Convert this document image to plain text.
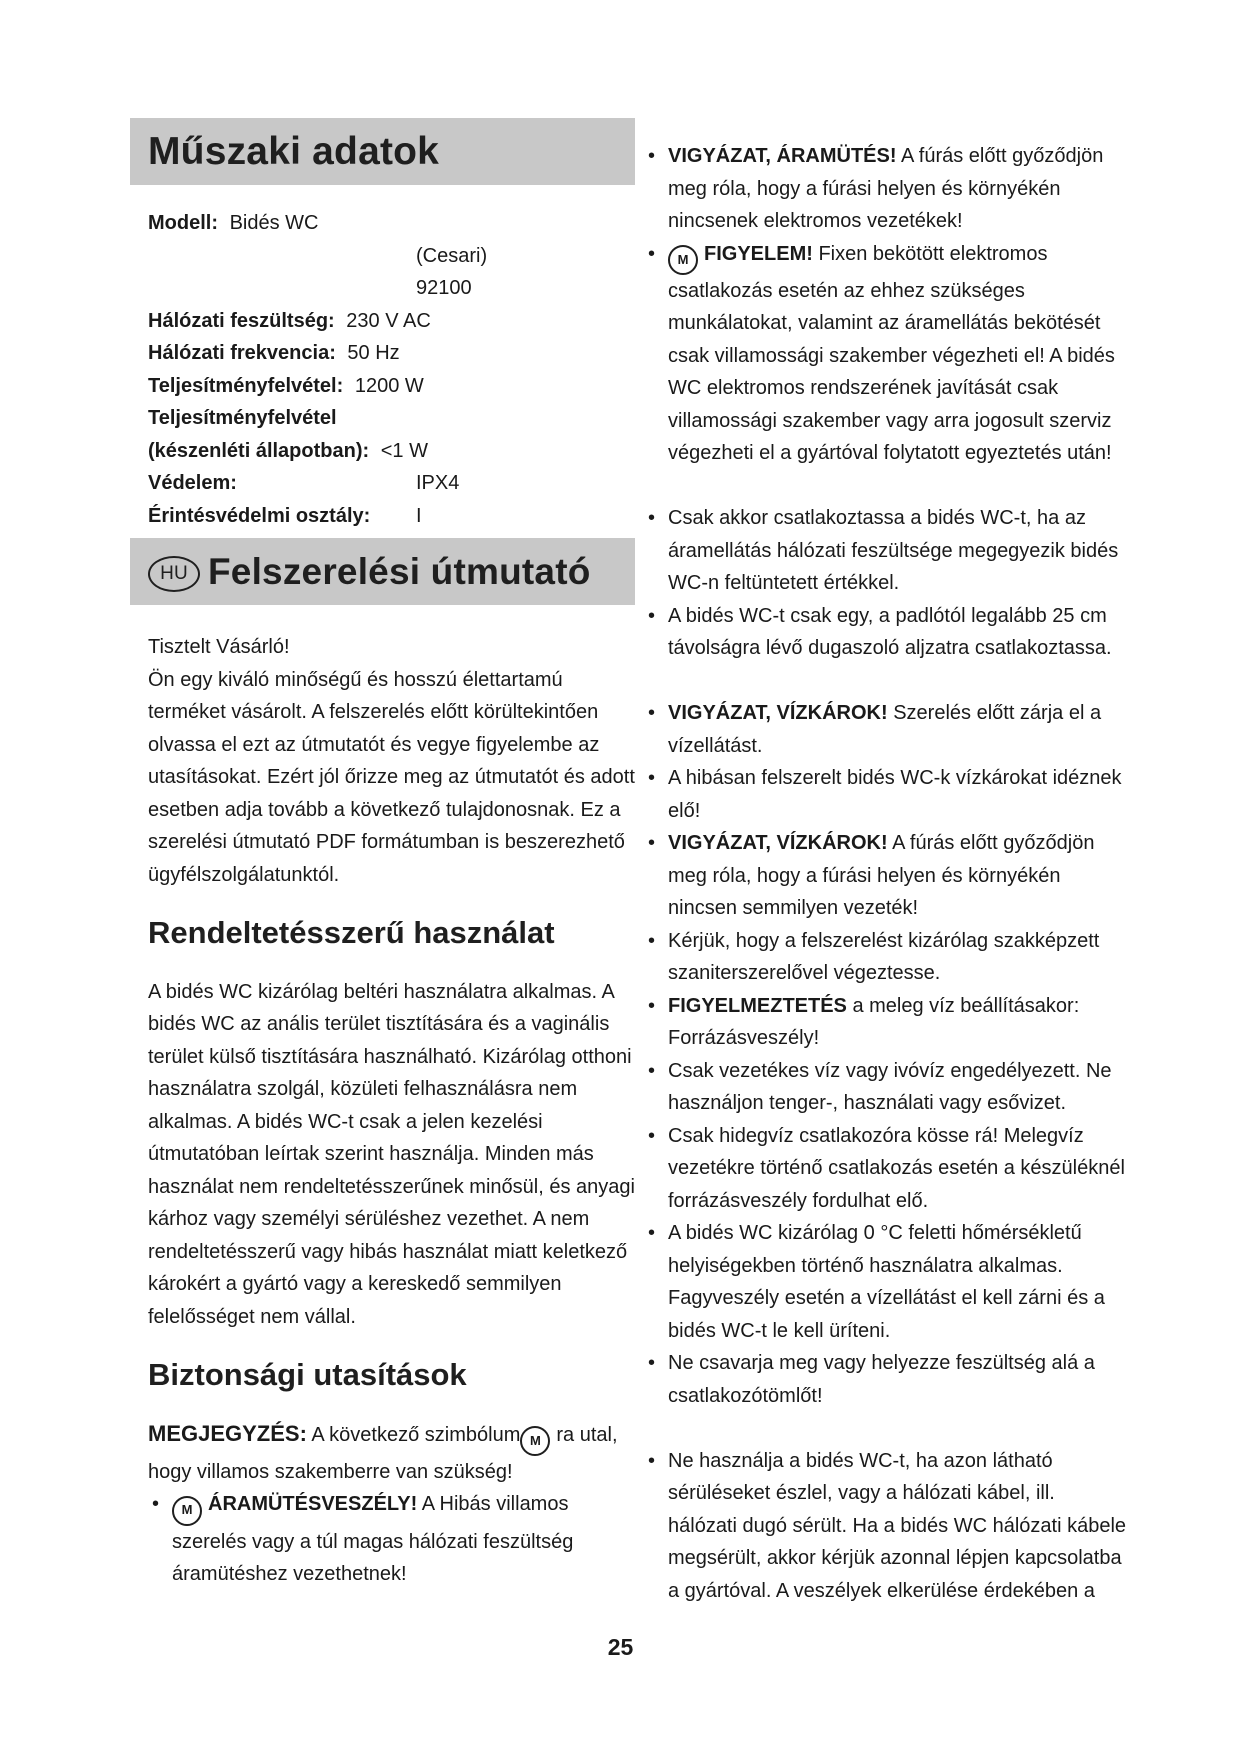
Műszaki adatok
Modell: Bidés WC
(Cesari)
92100
Hálózati feszültség: 230 V AC
Hálózati frekvencia: 50 Hz
Teljesítményfelvétel: 1200 W
Teljesítményfelvétel
(készenléti állapotban): <1 W
Védelem:	IPX4
Érintésvédelmi osztály: I
HU Felszerelési útmutató

Tisztelt Vásárló!

Ön egy kiváló minőségű és hosszú élettartamú terméket vásárolt. A felszerelés előtt körültekintően olvassa el ezt az útmutatót és vegye figyelembe az utasításokat. Ezért jól őrizze meg az útmutatót és adott esetben adja tovább a következő tulajdonosnak. Ez a szerelési útmutató PDF formátumban is beszerezhető ügyfélszolgálatunktól.

Rendeltetésszerű használat

A bidés WC kizárólag beltéri használatra alkalmas. A bidés WC az anális terület tisztítására és a vaginális terület külső tisztítására használható. Kizárólag otthoni használatra szolgál, közületi felhasználásra nem alkalmas. A bidés WC-t csak a jelen kezelési útmutatóban leírtak szerint használja. Minden más használat nem rendeltetésszerűnek minősül, és anyagi kárhoz vagy személyi sérüléshez vezethet. A nem rendeltetésszerű vagy hibás használat miatt keletkező károkért a gyártó vagy a kereskedő semmilyen felelősséget nem vállal.

Biztonsági utasítások

MEGJEGYZÉS: A következő szimbólum M ra utal, hogy villamos szakemberre van szükség!

• M ÁRAMÜTÉSVESZÉLY! A Hibás villamos szerelés vagy a túl magas hálózati feszültség áramütéshez vezethetnek!
• VIGYÁZAT, ÁRAMÜTÉS! A fúrás előtt győződjön meg róla, hogy a fúrási helyen és környékén nincsenek elektromos vezetékek!
• M FIGYELEM! Fixen bekötött elektromos csatlakozás esetén az ehhez szükséges munkálatokat, valamint az áramellátás bekötését csak villamossági szakember végezheti el! A bidés WC elektromos rendszerének javítását csak villamossági szakember vagy arra jogosult szerviz végezheti el a gyártóval folytatott egyeztetés után!
• Csak akkor csatlakoztassa a bidés WC-t, ha az áramellátás hálózati feszültsége megegyezik bidés WC-n feltüntetett értékkel.
• A bidés WC-t csak egy, a padlótól legalább 25 cm távolságra lévő dugaszoló aljzatra csatlakoztassa.
• VIGYÁZAT, VÍZKÁROK! Szerelés előtt zárja el a vízellátást.
• A hibásan felszerelt bidés WC-k vízkárokat idéznek elő!
• VIGYÁZAT, VÍZKÁROK! A fúrás előtt győződjön meg róla, hogy a fúrási helyen és környékén nincsen semmilyen vezeték!
• Kérjük, hogy a felszerelést kizárólag szakképzett szaniterszerelővel végeztesse.
• FIGYELMEZTETÉS a meleg víz beállításakor: Forrázásveszély!
• Csak vezetékes víz vagy ivóvíz engedélyezett. Ne használjon tenger-, használati vagy esővizet.
• Csak hidegvíz csatlakozóra kösse rá! Melegvíz vezetékre történő csatlakozás esetén a készüléknél forrázásveszély fordulhat elő.
• A bidés WC kizárólag 0 °C feletti hőmérsékletű helyiségekben történő használatra alkalmas. Fagyveszély esetén a vízellátást el kell zárni és a bidés WC-t le kell üríteni.
• Ne csavarja meg vagy helyezze feszültség alá a csatlakozótömlőt!
• Ne használja a bidés WC-t, ha azon látható sérüléseket észlel, vagy a hálózati kábel, ill. hálózati dugó sérült. Ha a bidés WC hálózati kábele megsérült, akkor kérjük azonnal lépjen kapcsolatba a gyártóval. A veszélyek elkerülése érdekében a
25
